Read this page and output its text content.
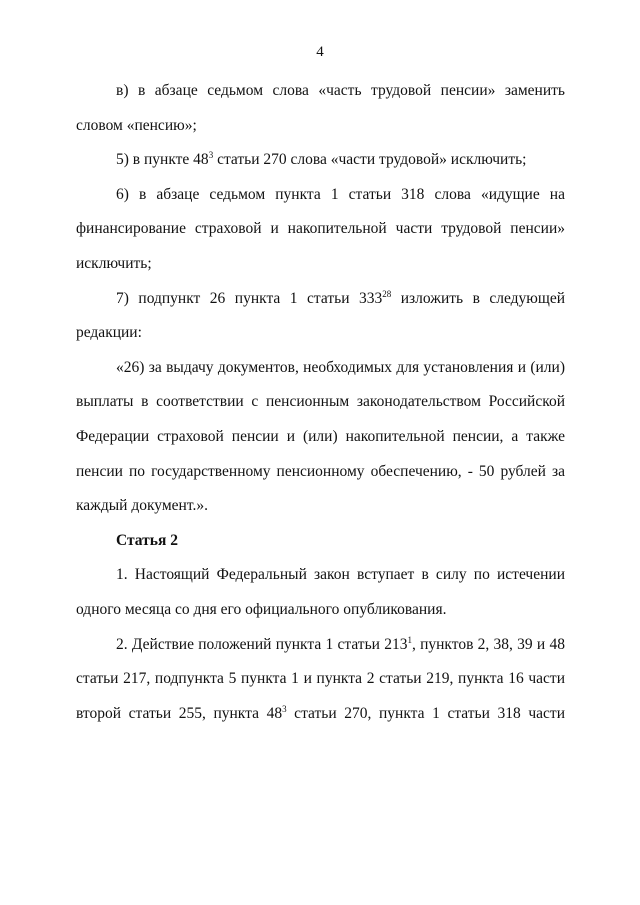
4

в) в абзаце седьмом слова «часть трудовой пенсии» заменить словом «пенсию»;

5) в пункте $48^3$ статьи 270 слова «части трудовой» исключить;

6) в абзаце седьмом пункта 1 статьи 318 слова «идущие на финансирование страховой и накопительной части трудовой пенсии» исключить;

7) подпункт 26 пункта 1 статьи $333^{28}$ изложить в следующей редакции:

«26) за выдачу документов, необходимых для установления и (или) выплаты в соответствии с пенсионным законодательством Российской Федерации страховой пенсии и (или) накопительной пенсии, а также пенсии по государственному пенсионному обеспечению, - 50 рублей за каждый документ.».

Статья 2

1. Настоящий Федеральный закон вступает в силу по истечении одного месяца со дня его официального опубликования.

2. Действие положений пункта 1 статьи $213^1$, пунктов 2, 38, 39 и 48 статьи 217, подпункта 5 пункта 1 и пункта 2 статьи 219, пункта 16 части второй статьи 255, пункта $48^3$ статьи 270, пункта 1 статьи 318 части
